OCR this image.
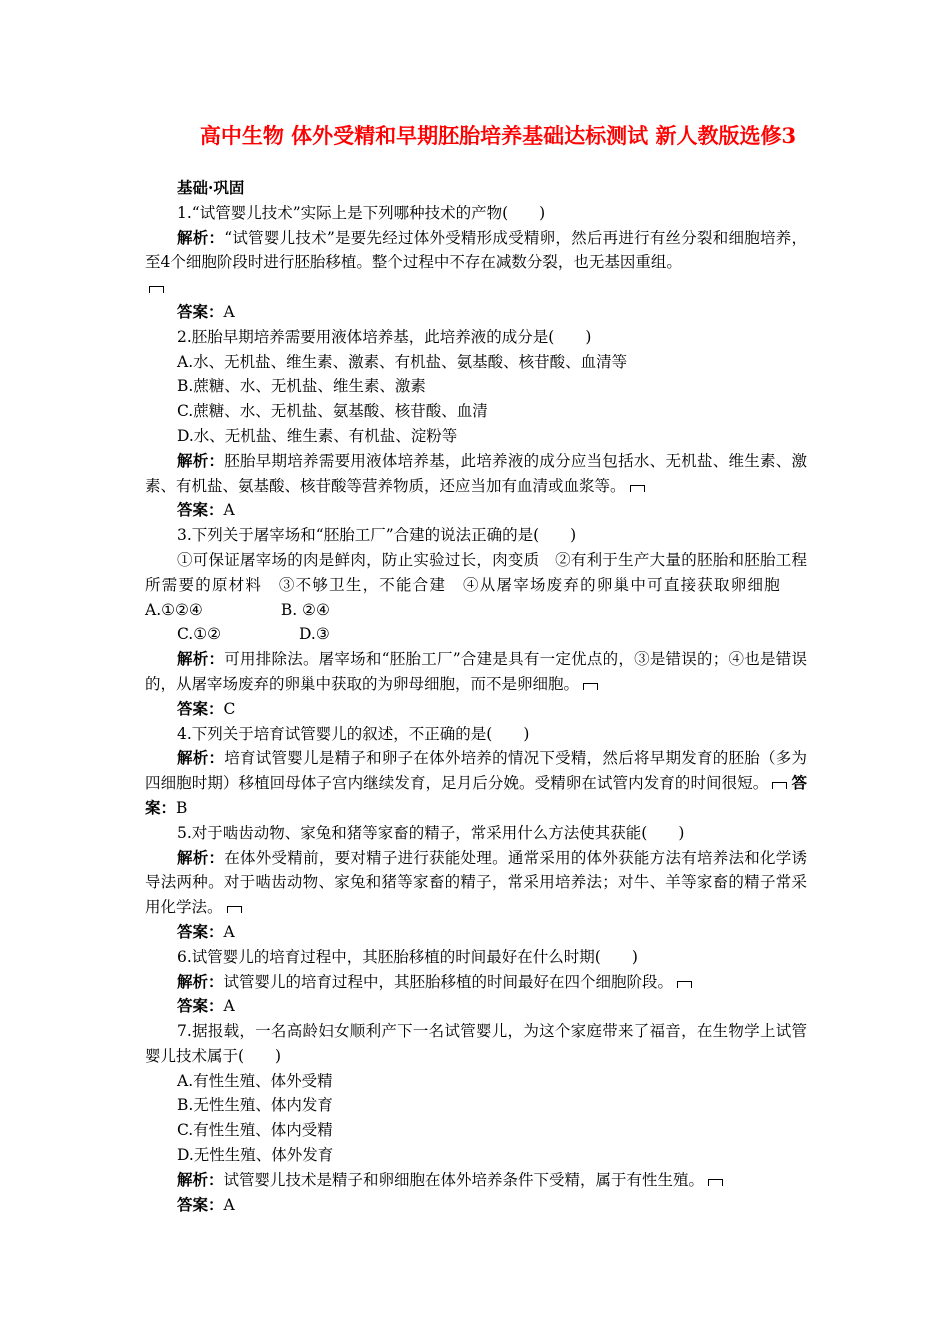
高中生物 体外受精和早期胚胎培养基础达标测试 新人教版选修3
基础·巩固

1.“试管婴儿技术”实际上是下列哪种技术的产物(　　)

解析：“试管婴儿技术”是要先经过体外受精形成受精卵，然后再进行有丝分裂和细胞培养，至4个细胞阶段时进行胚胎移植。整个过程中不存在减数分裂，也无基因重组。

答案：A

2.胚胎早期培养需要用液体培养基，此培养液的成分是(　　)

A.水、无机盐、维生素、激素、有机盐、氨基酸、核苷酸、血清等

B.蔗糖、水、无机盐、维生素、激素

C.蔗糖、水、无机盐、氨基酸、核苷酸、血清

D.水、无机盐、维生素、有机盐、淀粉等

解析：胚胎早期培养需要用液体培养基，此培养液的成分应当包括水、无机盐、维生素、激素、有机盐、氨基酸、核苷酸等营养物质，还应当加有血清或血浆等。

答案：A

3.下列关于屠宰场和“胚胎工厂”合建的说法正确的是(　　)

①可保证屠宰场的肉是鲜肉，防止实验过长，肉变质　②有利于生产大量的胚胎和胚胎工程所需要的原材料　③不够卫生，不能合建　④从屠宰场废弃的卵巢中可直接获取卵细胞A.①②④	B. ②④

C.①②	D.③

解析：可用排除法。屠宰场和“胚胎工厂”合建是具有一定优点的，③是错误的；④也是错误的，从屠宰场废弃的卵巢中获取的为卵母细胞，而不是卵细胞。

答案：C

4.下列关于培育试管婴儿的叙述，不正确的是(　　)

解析：培育试管婴儿是精子和卵子在体外培养的情况下受精，然后将早期发育的胚胎（多为四细胞时期）移植回母体子宫内继续发育，足月后分娩。受精卵在试管内发育的时间很短。 答案：B

5.对于啮齿动物、家兔和猪等家畜的精子，常采用什么方法使其获能(　　)

解析：在体外受精前，要对精子进行获能处理。通常采用的体外获能方法有培养法和化学诱导法两种。对于啮齿动物、家兔和猪等家畜的精子，常采用培养法；对牛、羊等家畜的精子常采用化学法。

答案：A

6.试管婴儿的培育过程中，其胚胎移植的时间最好在什么时期(　　)

解析：试管婴儿的培育过程中，其胚胎移植的时间最好在四个细胞阶段。

答案：A

7.据报载，一名高龄妇女顺利产下一名试管婴儿，为这个家庭带来了福音，在生物学上试管婴儿技术属于(　　)

A.有性生殖、体外受精

B.无性生殖、体内发育

C.有性生殖、体内受精

D.无性生殖、体外发育

解析：试管婴儿技术是精子和卵细胞在体外培养条件下受精，属于有性生殖。

答案：A
